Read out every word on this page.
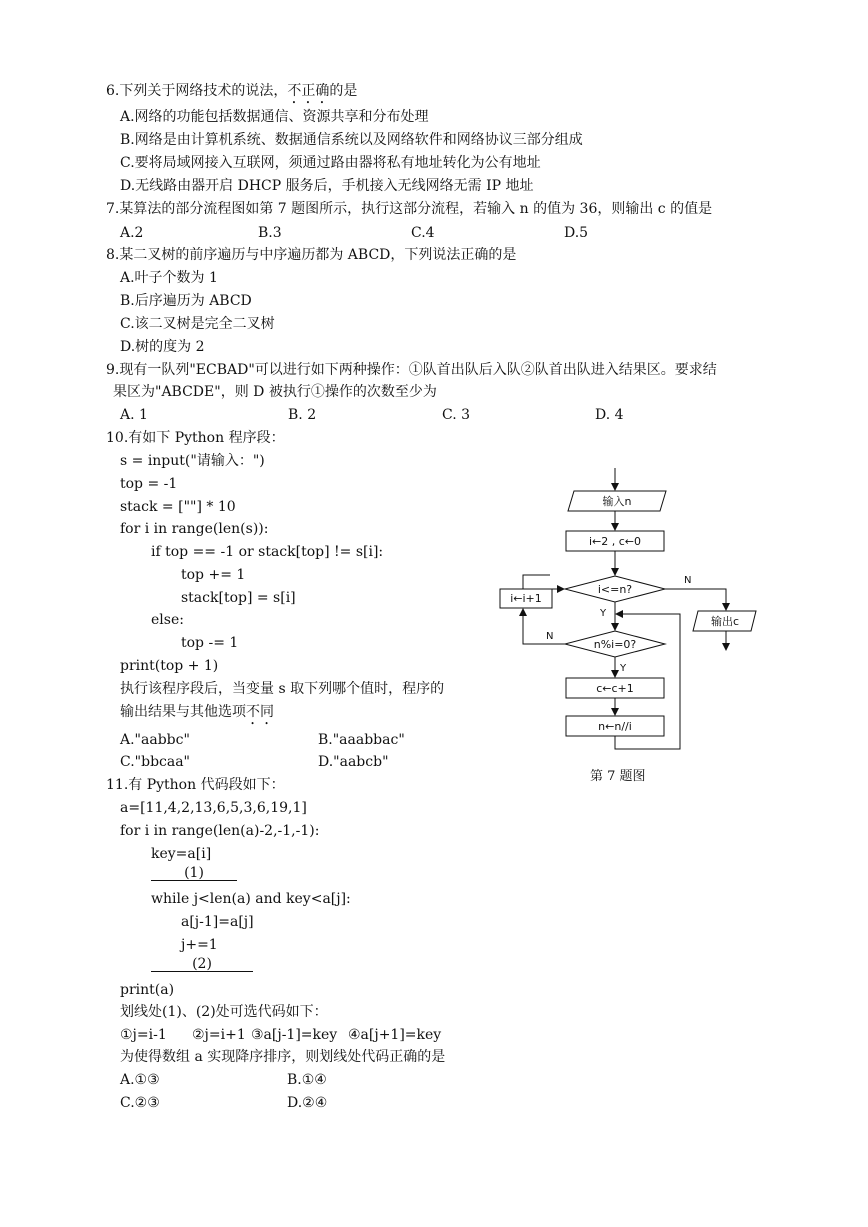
6.下列关于网络技术的说法，不正确的是
A.网络的功能包括数据通信、资源共享和分布处理
B.网络是由计算机系统、数据通信系统以及网络软件和网络协议三部分组成
C.要将局域网接入互联网，须通过路由器将私有地址转化为公有地址
D.无线路由器开启 DHCP 服务后，手机接入无线网络无需 IP 地址
7.某算法的部分流程图如第 7 题图所示，执行这部分流程，若输入 n 的值为 36，则输出 c 的值是
A.2	B.3	C.4	D.5
8.某二叉树的前序遍历与中序遍历都为 ABCD，下列说法正确的是
A.叶子个数为 1
B.后序遍历为 ABCD
C.该二叉树是完全二叉树
D.树的度为 2
9.现有一队列"ECBAD"可以进行如下两种操作：①队首出队后入队②队首出队进入结果区。要求结
果区为"ABCDE"，则 D 被执行①操作的次数至少为
A. 1	B. 2	C. 3	D. 4
10.有如下 Python 程序段：
s = input("请输入：")
top = -1
stack = [""] * 10
for i in range(len(s)):
if top == -1 or stack[top] != s[i]:
top += 1
stack[top] = s[i]
else:
top -= 1
print(top + 1)
执行该程序段后，当变量 s 取下列哪个值时，程序的
输出结果与其他选项不同
A."aabbc"	B."aaabbac"
C."bbcaa"	D."aabcb"
输入n
i←2 , c←0
i<=n?
n%i=0?
c←c+1
n←n//i
i←i+1
输出c
N
Y
N
Y
第 7 题图
11.有 Python 代码段如下：
a=[11,4,2,13,6,5,3,6,19,1]
for i in range(len(a)-2,-1,-1):
key=a[i]
(1)
while j<len(a) and key<a[j]:
a[j-1]=a[j]
j+=1
(2)
print(a)
划线处(1)、(2)处可选代码如下：
①j=i-1 ②j=i+1 ③a[j-1]=key ④a[j+1]=key
为使得数组 a 实现降序排序，则划线处代码正确的是
A.①③	B.①④
C.②③	D.②④
